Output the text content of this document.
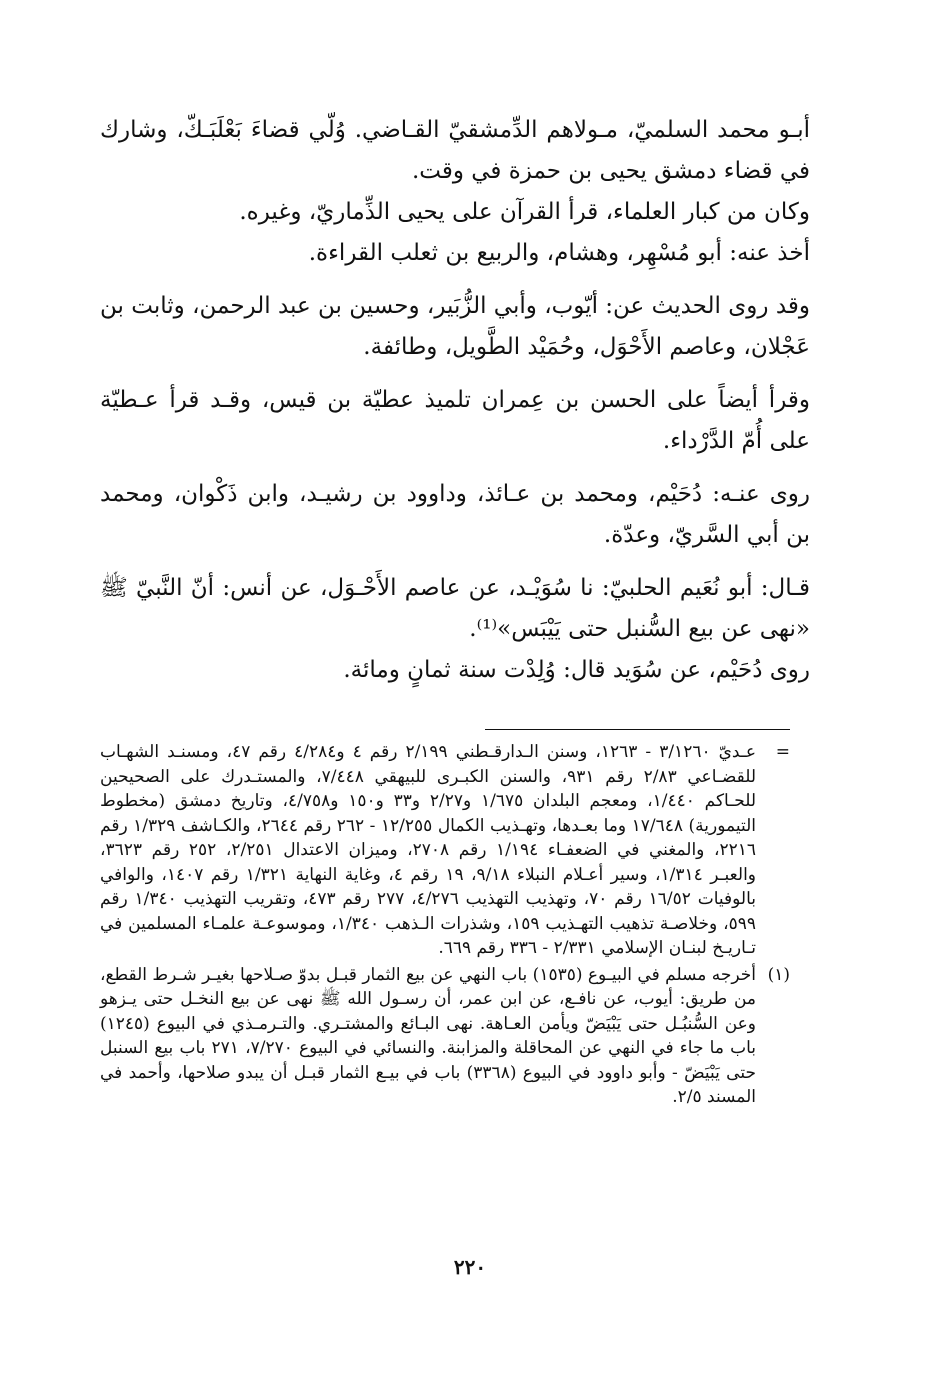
أبـو محمد السلميّ، مـولاهم الدِّمشقيّ القـاضي. وُلّي قضاءَ بَعْلَبَـكّ، وشارك في قضاء دمشق يحيى بن حمزة في وقت.

وكان من كبار العلماء، قرأ القرآن على يحيى الذِّماريّ، وغيره.

أخذ عنه: أبو مُسْهِر، وهشام، والربيع بن ثعلب القراءة.

وقد روى الحديث عن: أيّوب، وأبي الزُّبَير، وحسين بن عبد الرحمن، وثابت بن عَجْلان، وعاصم الأَحْوَل، وحُمَيْد الطَّويل، وطائفة.

وقرأ أيضاً على الحسن بن عِمران تلميذ عطيّة بن قيس، وقـد قرأ عـطيّة على أُمّ الدَّرْداء.

روى عنـه: دُحَيْم، ومحمد بن عـائذ، وداوود بن رشيـد، وابن ذَكْوان، ومحمد بن أبي السَّريّ، وعدّة.

قـال: أبو نُعَيم الحلبيّ: نا سُوَيْـد، عن عاصم الأَحْـوَل، عن أنس: أنّ النَّبيّ ﷺ «نهى عن بيع السُّنبل حتى يَيْبَس»⁽¹⁾.

روى دُحَيْم، عن سُوَيد قال: وُلِدْت سنة ثمانٍ ومائة.

=
عـديّ ٣/١٢٦٠ - ١٢٦٣، وسنن الـدارقـطني ٢/١٩٩ رقم ٤ و٤/٢٨٤ رقم ٤٧، ومسنـد الشهـاب للقضـاعي ٢/٨٣ رقم ٩٣١، والسنن الكبـرى للبيهقي ٧/٤٤٨، والمستـدرك على الصحيحين للحـاكم ١/٤٤٠، ومعجم البلدان ١/٦٧٥ و٢/٢٧ و٣٣ و١٥٠ و٤/٧٥٨، وتاريخ دمشق (مخطوط التيمورية) ١٧/٦٤٨ وما بعـدها، وتهـذيب الكمال ١٢/٢٥٥ - ٢٦٢ رقم ٢٦٤٤، والكـاشف ١/٣٢٩ رقم ٢٢١٦، والمغني في الضعفـاء ١/١٩٤ رقم ٢٧٠٨، وميزان الاعتدال ٢/٢٥١، ٢٥٢ رقم ٣٦٢٣، والعبـر ١/٣١٤، وسير أعـلام النبلاء ٩/١٨، ١٩ رقم ٤، وغاية النهاية ١/٣٢١ رقم ١٤٠٧، والوافي بالوفيات ١٦/٥٢ رقم ٧٠، وتهذيب التهذيب ٤/٢٧٦، ٢٧٧ رقم ٤٧٣، وتقريب التهذيب ١/٣٤٠ رقم ٥٩٩، وخلاصـة تذهيب التهـذيب ١٥٩، وشذرات الـذهب ١/٣٤٠، وموسوعـة علمـاء المسلمين في تـاريـخ لبنـان الإسلامي ٢/٣٣١ - ٣٣٦ رقم ٦٦٩.

(١)
أخرجه مسلم في البيـوع (١٥٣٥) باب النهي عن بيع الثمار قبـل بدوّ صـلاحها بغيـر شـرط القطع، من طريق: أيوب، عن نافـع، عن ابن عمر، أن رسـول الله ﷺ نهى عن بيع النخـل حتى يـزهو وعن السُّنبُـل حتى يَبْيَضّ ويأمن العـاهة. نهى البـائع والمشتـري. والتـرمـذي في البيوع (١٢٤٥) باب ما جاء في النهي عن المحاقلة والمزابنة. والنسائي في البيوع ٧/٢٧٠، ٢٧١ باب بيع السنبل حتى يَبْيَضّ - وأبو داوود في البيوع (٣٣٦٨) باب في بيـع الثمار قبـل أن يبدو صلاحها، وأحمد في المسند ٢/٥.

٢٢٠
